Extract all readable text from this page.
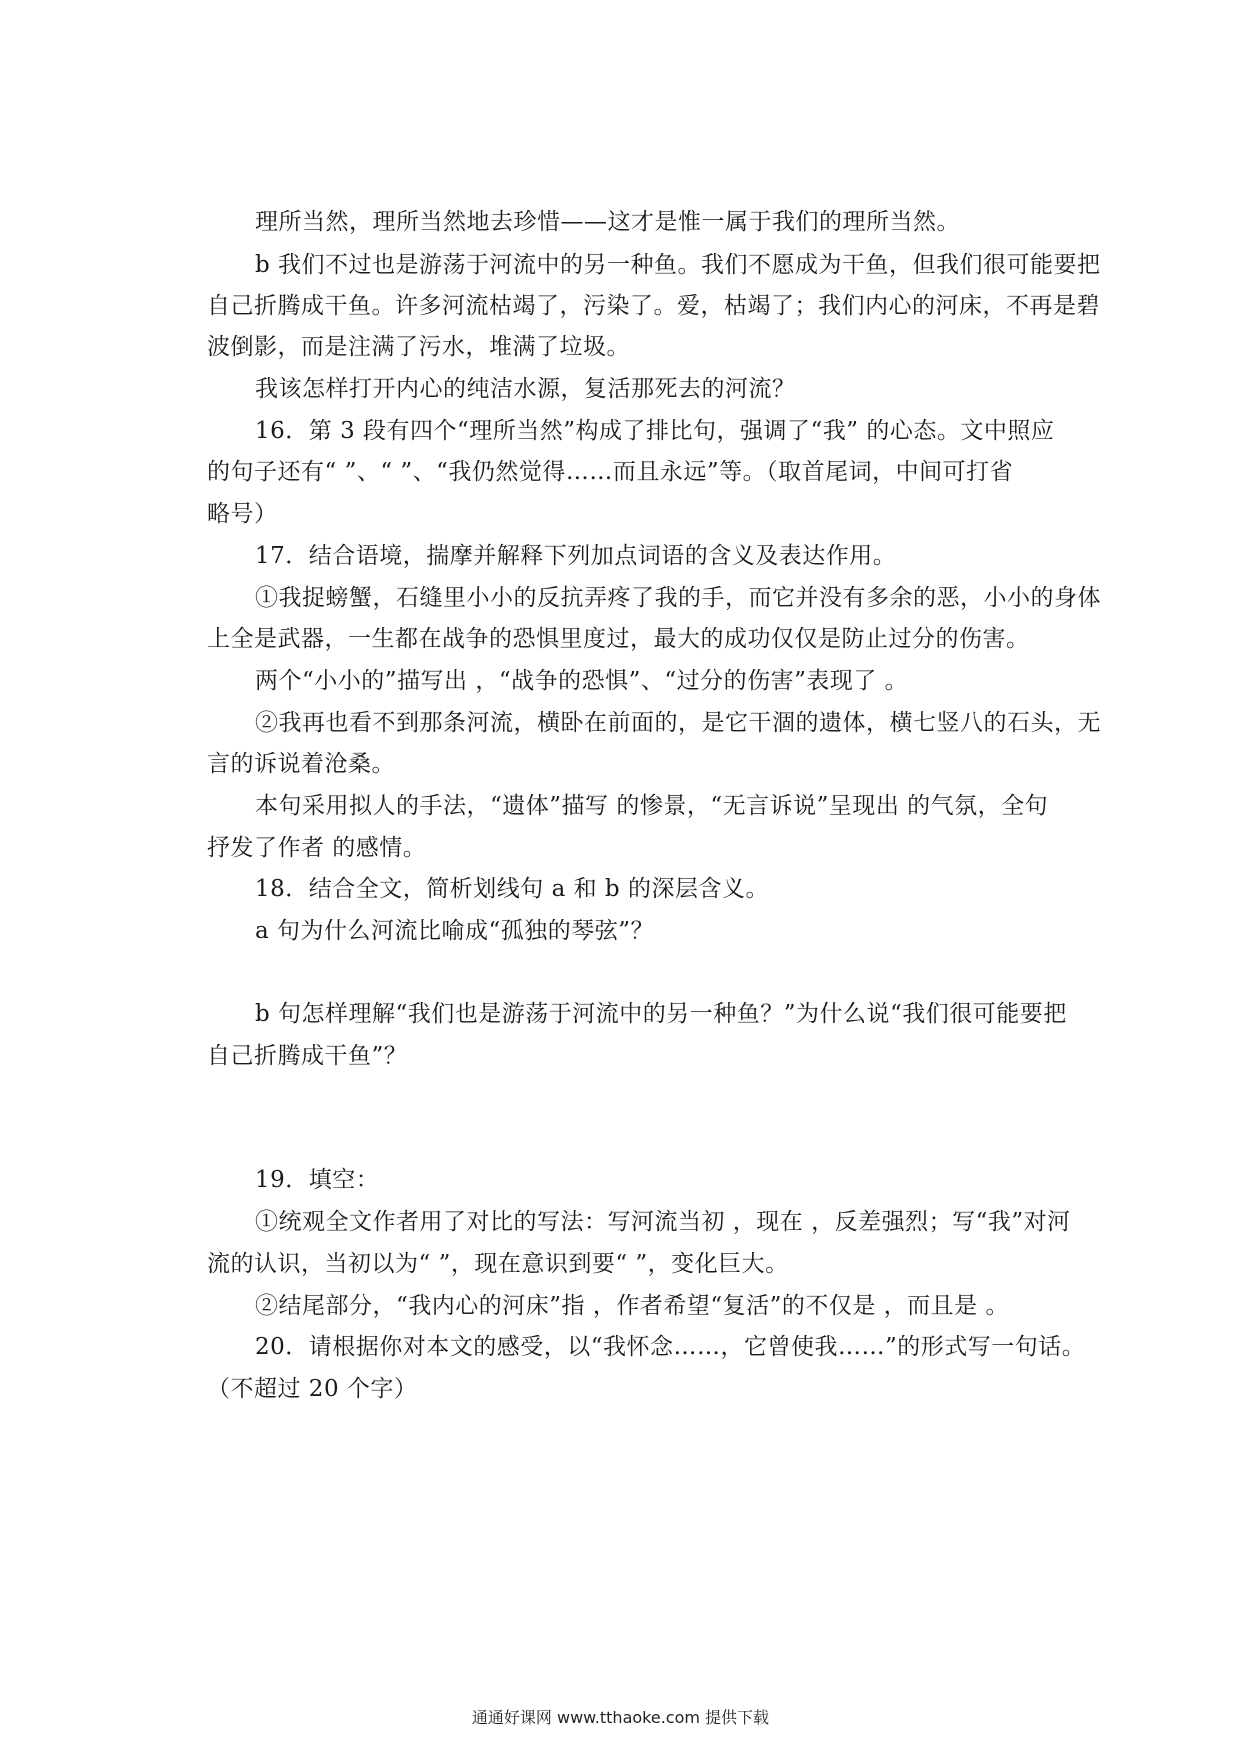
理所当然，理所当然地去珍惜——这才是惟一属于我们的理所当然。
b 我们不过也是游荡于河流中的另一种鱼。我们不愿成为干鱼，但我们很可能要把
自己折腾成干鱼。许多河流枯竭了，污染了。爱，枯竭了；我们内心的河床，不再是碧
波倒影，而是注满了污水，堆满了垃圾。
我该怎样打开内心的纯洁水源，复活那死去的河流？
16．第 3 段有四个“理所当然”构成了排比句，强调了“我” 的心态。文中照应
的句子还有“ ”、“ ”、“我仍然觉得……而且永远”等。（取首尾词，中间可打省
略号）
17．结合语境，揣摩并解释下列加点词语的含义及表达作用。
①我捉螃蟹，石缝里小小的反抗弄疼了我的手，而它并没有多余的恶，小小的身体
上全是武器，一生都在战争的恐惧里度过，最大的成功仅仅是防止过分的伤害。
两个“小小的”描写出 ，“战争的恐惧”、“过分的伤害”表现了 。
②我再也看不到那条河流，横卧在前面的，是它干涸的遗体，横七竖八的石头，无
言的诉说着沧桑。
本句采用拟人的手法，“遗体”描写 的惨景，“无言诉说”呈现出 的气氛，全句
抒发了作者 的感情。
18．结合全文，简析划线句 a 和 b 的深层含义。
a 句为什么河流比喻成“孤独的琴弦”？
b 句怎样理解“我们也是游荡于河流中的另一种鱼？”为什么说“我们很可能要把
自己折腾成干鱼”？
19．填空：
①统观全文作者用了对比的写法：写河流当初 ，现在 ，反差强烈；写“我”对河
流的认识，当初以为“ ”，现在意识到要“ ”，变化巨大。
②结尾部分，“我内心的河床”指 ，作者希望“复活”的不仅是 ，而且是 。
20．请根据你对本文的感受，以“我怀念……，它曾使我……”的形式写一句话。
（不超过 20 个字）
通通好课网 www.tthaoke.com 提供下载
